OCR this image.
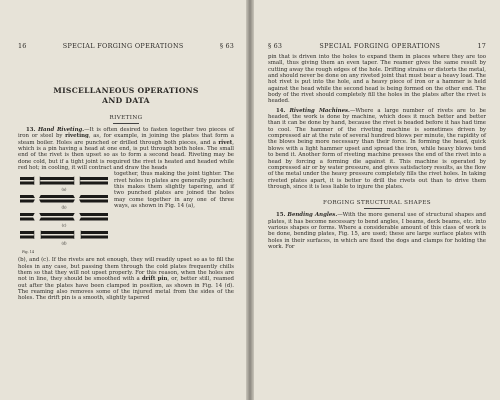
16	SPECIAL FORGING OPERATIONS	§ 63
MISCELLANEOUS OPERATIONS
AND DATA
RIVETING

13. Hand Riveting.—It is often desired to fasten together two pieces of iron or steel by riveting, as, for example, in joining the plates that form a steam boiler. Holes are punched or drilled through both pieces, and a rivet, which is a pin having a head at one end, is put through both holes. The small end of the rivet is then upset so as to form a second head. Riveting may be done cold, but if a tight joint is required the rivet is heated and headed while red hot; in cooling, it will contract and draw the heads

(a)
(b)
(c)
(d)
Fig. 14

together, thus making the joint tighter. The rivet holes in plates are generally punched; this makes them slightly tapering, and if two punched plates are joined the holes may come together in any one of three ways, as shown in Fig. 14 (a),

(b), and (c). If the rivets are not enough, they will readily upset so as to fill the holes in any case, but passing them through the cold plates frequently chills them so that they will not upset properly. For this reason, when the holes are not in line, they should be smoothed with a drift pin, or, better still, reamed out after the plates have been clamped in position, as shown in Fig. 14 (d). The reaming also removes some of the injured metal from the sides of the holes. The drift pin is a smooth, slightly tapered

§ 63	SPECIAL FORGING OPERATIONS	17

pin that is driven into the holes to expand them in places where they are too small, thus giving them an even taper. The reamer gives the same result by cutting away the rough edges of the hole. Drifting strains or distorts the metal, and should never be done on any riveted joint that must bear a heavy load. The hot rivet is put into the hole, and a heavy piece of iron or a hammer is held against the head while the second head is being formed on the other end. The body of the rivet should completely fill the holes in the plates after the rivet is headed.

14. Riveting Machines.—Where a large number of rivets are to be headed, the work is done by machine, which does it much better and better than it can be done by hand, because the rivet is headed before it has had time to cool. The hammer of the riveting machine is sometimes driven by compressed air at the rate of several hundred blows per minute, the rapidity of the blows being more necessary than their force. In forming the head, quick blows with a light hammer upset and spread the iron, while heavy blows tend to bend it. Another form of riveting machine presses the end of the rivet into a head by forcing a forming die against it. This machine is operated by compressed air or by water pressure, and gives satisfactory results, as the flow of the metal under the heavy pressure completely fills the rivet holes. In taking riveted plates apart, it is better to drill the rivets out than to drive them through, since it is less liable to injure the plates.

FORGING STRUCTURAL SHAPES

15. Bending Angles.—With the more general use of structural shapes and plates, it has become necessary to bend angles, I beams, deck beams, etc. into various shapes or forms. Where a considerable amount of this class of work is be done, bending plates, Fig. 15, are used; these are large surface plates with holes in their surfaces, in which are fixed the dogs and clamps for holding the work. For
